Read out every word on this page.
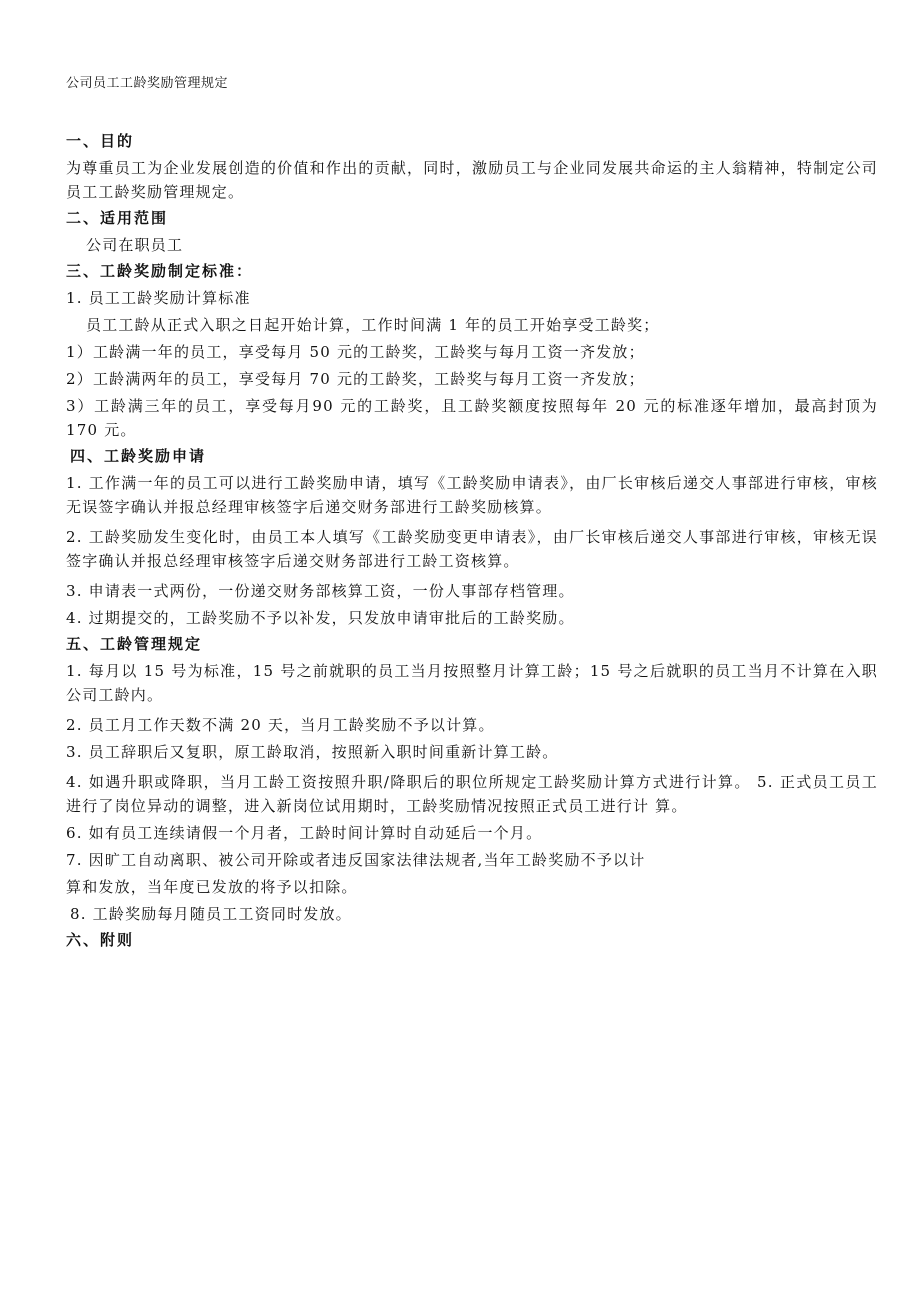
公司员工工龄奖励管理规定
一、目的
为尊重员工为企业发展创造的价值和作出的贡献，同时，激励员工与企业同发展共命运的主人翁精神，特制定公司员工工龄奖励管理规定。
二、适用范围
公司在职员工
三、工龄奖励制定标准：
1. 员工工龄奖励计算标准
员工工龄从正式入职之日起开始计算，工作时间满 1 年的员工开始享受工龄奖；
1）工龄满一年的员工，享受每月 50 元的工龄奖，工龄奖与每月工资一齐发放；
2）工龄满两年的员工，享受每月 70 元的工龄奖，工龄奖与每月工资一齐发放；
3）工龄满三年的员工，享受每月90 元的工龄奖，且工龄奖额度按照每年 20 元的标准逐年增加，最高封顶为 170 元。
四、工龄奖励申请
1. 工作满一年的员工可以进行工龄奖励申请，填写《工龄奖励申请表》，由厂长审核后递交人事部进行审核，审核无误签字确认并报总经理审核签字后递交财务部进行工龄奖励核算。
2. 工龄奖励发生变化时，由员工本人填写《工龄奖励变更申请表》，由厂长审核后递交人事部进行审核，审核无误签字确认并报总经理审核签字后递交财务部进行工龄工资核算。
3. 申请表一式两份，一份递交财务部核算工资，一份人事部存档管理。
4. 过期提交的，工龄奖励不予以补发，只发放申请审批后的工龄奖励。
五、工龄管理规定
1. 每月以 15 号为标准，15 号之前就职的员工当月按照整月计算工龄；15 号之后就职的员工当月不计算在入职公司工龄内。
2. 员工月工作天数不满 20 天，当月工龄奖励不予以计算。
3. 员工辞职后又复职，原工龄取消，按照新入职时间重新计算工龄。
4. 如遇升职或降职，当月工龄工资按照升职/降职后的职位所规定工龄奖励计算方式进行计算。 5. 正式员工员工进行了岗位异动的调整，进入新岗位试用期时，工龄奖励情况按照正式员工进行计 算。
6. 如有员工连续请假一个月者，工龄时间计算时自动延后一个月。
7. 因旷工自动离职、被公司开除或者违反国家法律法规者,当年工龄奖励不予以计
算和发放，当年度已发放的将予以扣除。
8. 工龄奖励每月随员工工资同时发放。
六、附则
